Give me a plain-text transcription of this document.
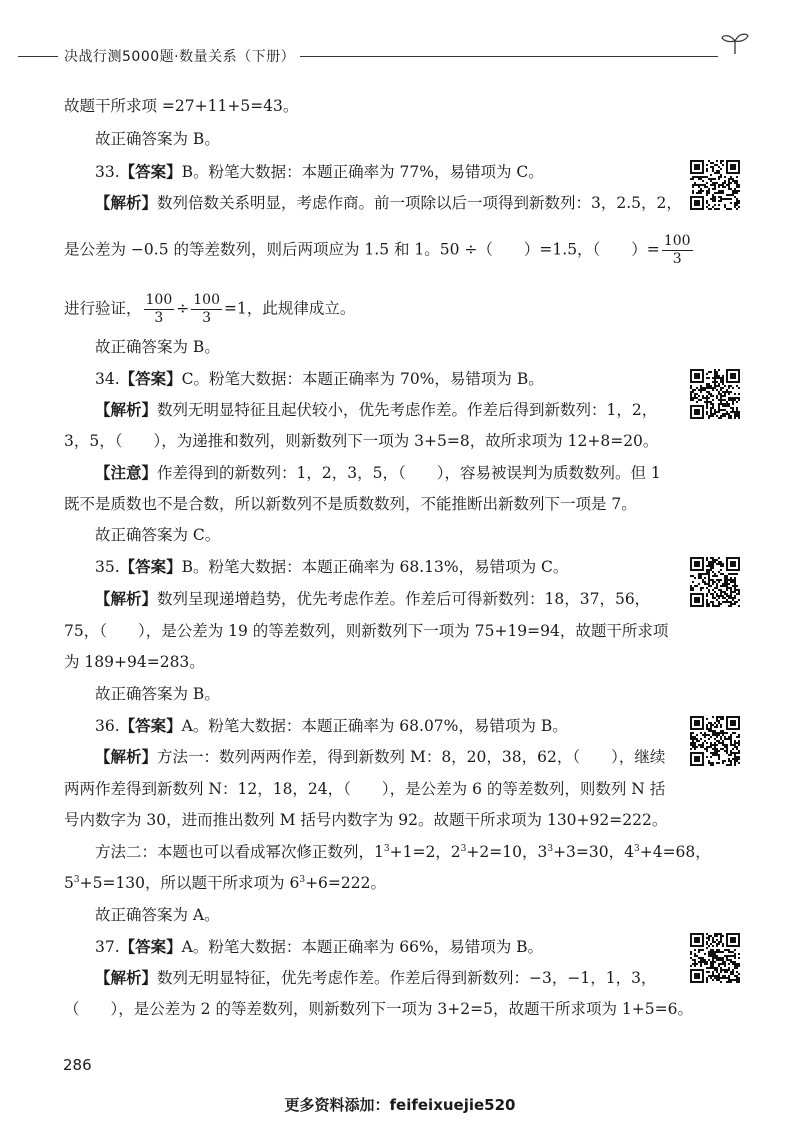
决战行测5000题·数量关系（下册）
故题干所求项 =27+11+5=43。
故正确答案为 B。
33.【答案】B。粉笔大数据：本题正确率为 77%，易错项为 C。
【解析】数列倍数关系明显，考虑作商。前一项除以后一项得到新数列：3，2.5，2，
是公差为 −0.5 的等差数列，则后两项应为 1.5 和 1。50 ÷（　　）=1.5，（　　）= $\frac{100}{3}$
进行验证， $\frac{100}{3} \div \frac{100}{3} =1$，此规律成立。
故正确答案为 B。
34.【答案】C。粉笔大数据：本题正确率为 70%，易错项为 B。
【解析】数列无明显特征且起伏较小，优先考虑作差。作差后得到新数列：1，2，
3，5，（　　），为递推和数列，则新数列下一项为 3+5=8，故所求项为 12+8=20。
【注意】作差得到的新数列：1，2，3，5，（　　），容易被误判为质数数列。但 1
既不是质数也不是合数，所以新数列不是质数数列，不能推断出新数列下一项是 7。
故正确答案为 C。
35.【答案】B。粉笔大数据：本题正确率为 68.13%，易错项为 C。
【解析】数列呈现递增趋势，优先考虑作差。作差后可得新数列：18，37，56，
75，（　　），是公差为 19 的等差数列，则新数列下一项为 75+19=94，故题干所求项
为 189+94=283。
故正确答案为 B。
36.【答案】A。粉笔大数据：本题正确率为 68.07%，易错项为 B。
【解析】方法一：数列两两作差，得到新数列 M：8，20，38，62，（　　），继续
两两作差得到新数列 N：12，18，24，（　　），是公差为 6 的等差数列，则数列 N 括
号内数字为 30，进而推出数列 M 括号内数字为 92。故题干所求项为 130+92=222。
方法二：本题也可以看成幂次修正数列，$1^3+1=2$，$2^3+2=10$，$3^3+3=30$，$4^3+4=68$，
$5^3+5=130$，所以题干所求项为 $6^3+6=222$。
故正确答案为 A。
37.【答案】A。粉笔大数据：本题正确率为 66%，易错项为 B。
【解析】数列无明显特征，优先考虑作差。作差后得到新数列：−3，−1，1，3，
（　　），是公差为 2 的等差数列，则新数列下一项为 3+2=5，故题干所求项为 1+5=6。
286
更多资料添加：feifeixuejie520
